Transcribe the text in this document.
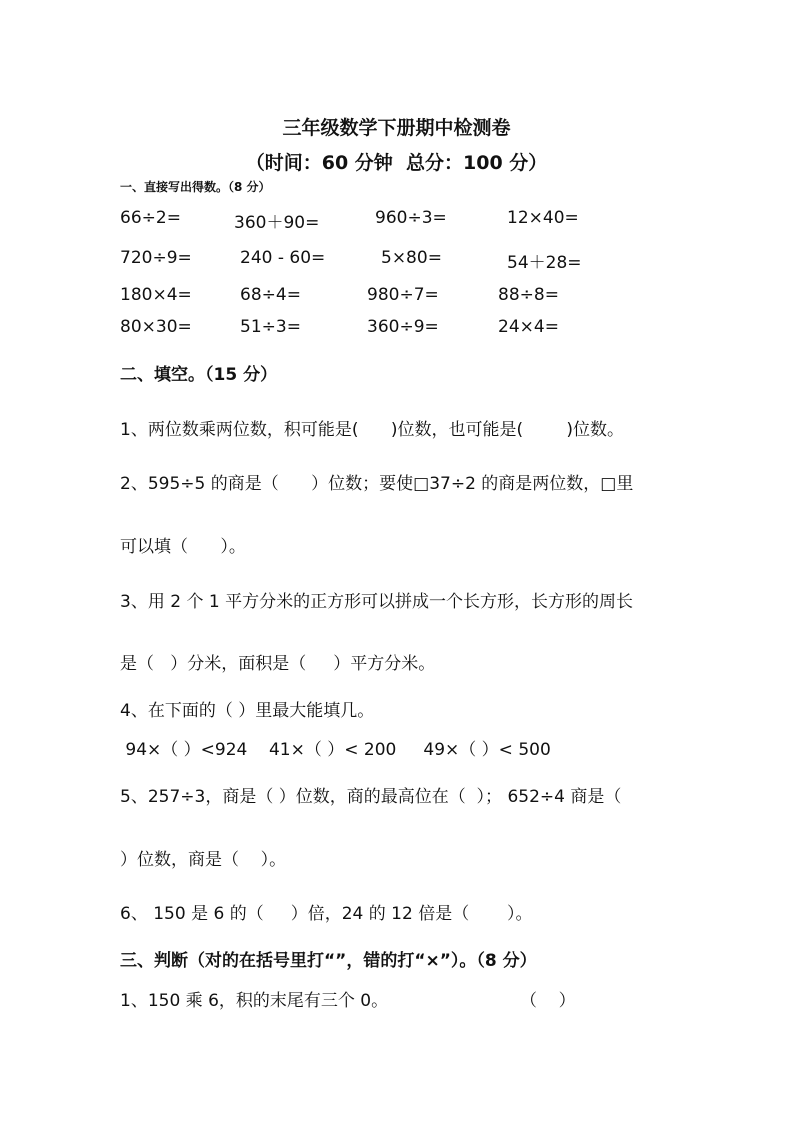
三年级数学下册期中检测卷
（时间：60 分钟  总分：100 分）
一、直接写出得数。（8 分）
66÷2=	360＋90=	960÷3=	12×40=
720÷9=	240 - 60=	5×80=	54＋28=
180×4=	68÷4=	980÷7=	88÷8=
80×30=	51÷3=	360÷9=	24×4=
二、填空。（15 分）
1、两位数乘两位数，积可能是(      )位数，也可能是(        )位数。
2、595÷5 的商是（      ）位数；要使□37÷2 的商是两位数，□里
可以填（      ）。
3、用 2 个 1 平方分米的正方形可以拼成一个长方形，长方形的周长
是（   ）分米，面积是（     ）平方分米。
4、在下面的（ ）里最大能填几。
94×（ ）<924    41×（ ）< 200     49×（ ）< 500
5、257÷3，商是（ ）位数，商的最高位在（  ）； 652÷4 商是（
）位数，商是（    ）。
6、 150 是 6 的（     ）倍，24 的 12 倍是（       ）。
三、判断（对的在括号里打“”，错的打“×”）。（8 分）
1、150 乘 6，积的末尾有三个 0。	（    ）
